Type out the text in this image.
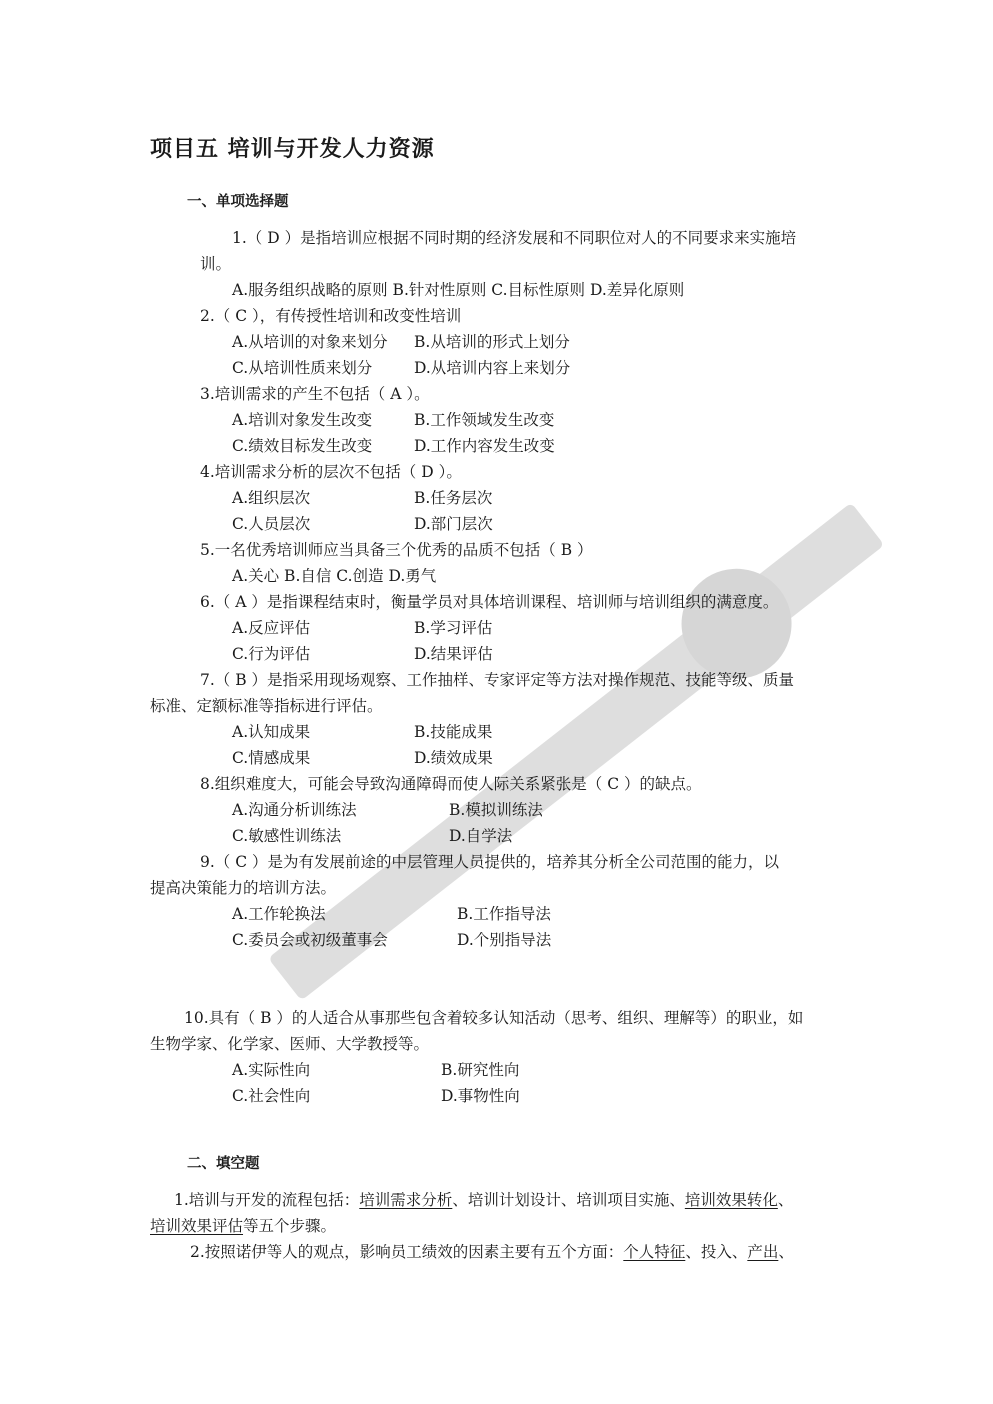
项目五 培训与开发人力资源
一、单项选择题
1.（ D ）是指培训应根据不同时期的经济发展和不同职位对人的不同要求来实施培
训。
A.服务组织战略的原则 B.针对性原则 C.目标性原则 D.差异化原则
2.（ C ），有传授性培训和改变性培训
A.从培训的对象来划分 B.从培训的形式上划分
C.从培训性质来划分	D.从培训内容上来划分
3.培训需求的产生不包括（ A ）。
A.培训对象发生改变	B.工作领域发生改变
C.绩效目标发生改变	D.工作内容发生改变
4.培训需求分析的层次不包括（ D ）。
A.组织层次	B.任务层次
C.人员层次	D.部门层次
5.一名优秀培训师应当具备三个优秀的品质不包括（ B ）
A.关心 B.自信 C.创造 D.勇气
6.（ A ）是指课程结束时，衡量学员对具体培训课程、培训师与培训组织的满意度。
A.反应评估	B.学习评估
C.行为评估	D.结果评估
7.（ B ）是指采用现场观察、工作抽样、专家评定等方法对操作规范、技能等级、质量
标准、定额标准等指标进行评估。
A.认知成果	B.技能成果
C.情感成果	D.绩效成果
8.组织难度大，可能会导致沟通障碍而使人际关系紧张是（ C ）的缺点。
A.沟通分析训练法	B.模拟训练法
C.敏感性训练法	D.自学法
9.（ C ）是为有发展前途的中层管理人员提供的，培养其分析全公司范围的能力，以
提高决策能力的培训方法。
A.工作轮换法	B.工作指导法
C.委员会或初级董事会	D.个别指导法
10.具有（ B ）的人适合从事那些包含着较多认知活动（思考、组织、理解等）的职业，如
生物学家、化学家、医师、大学教授等。
A.实际性向	B.研究性向
C.社会性向	D.事物性向
二、填空题
1.培训与开发的流程包括：培训需求分析、培训计划设计、培训项目实施、培训效果转化、
培训效果评估等五个步骤。
2.按照诺伊等人的观点，影响员工绩效的因素主要有五个方面：个人特征、投入、产出、
